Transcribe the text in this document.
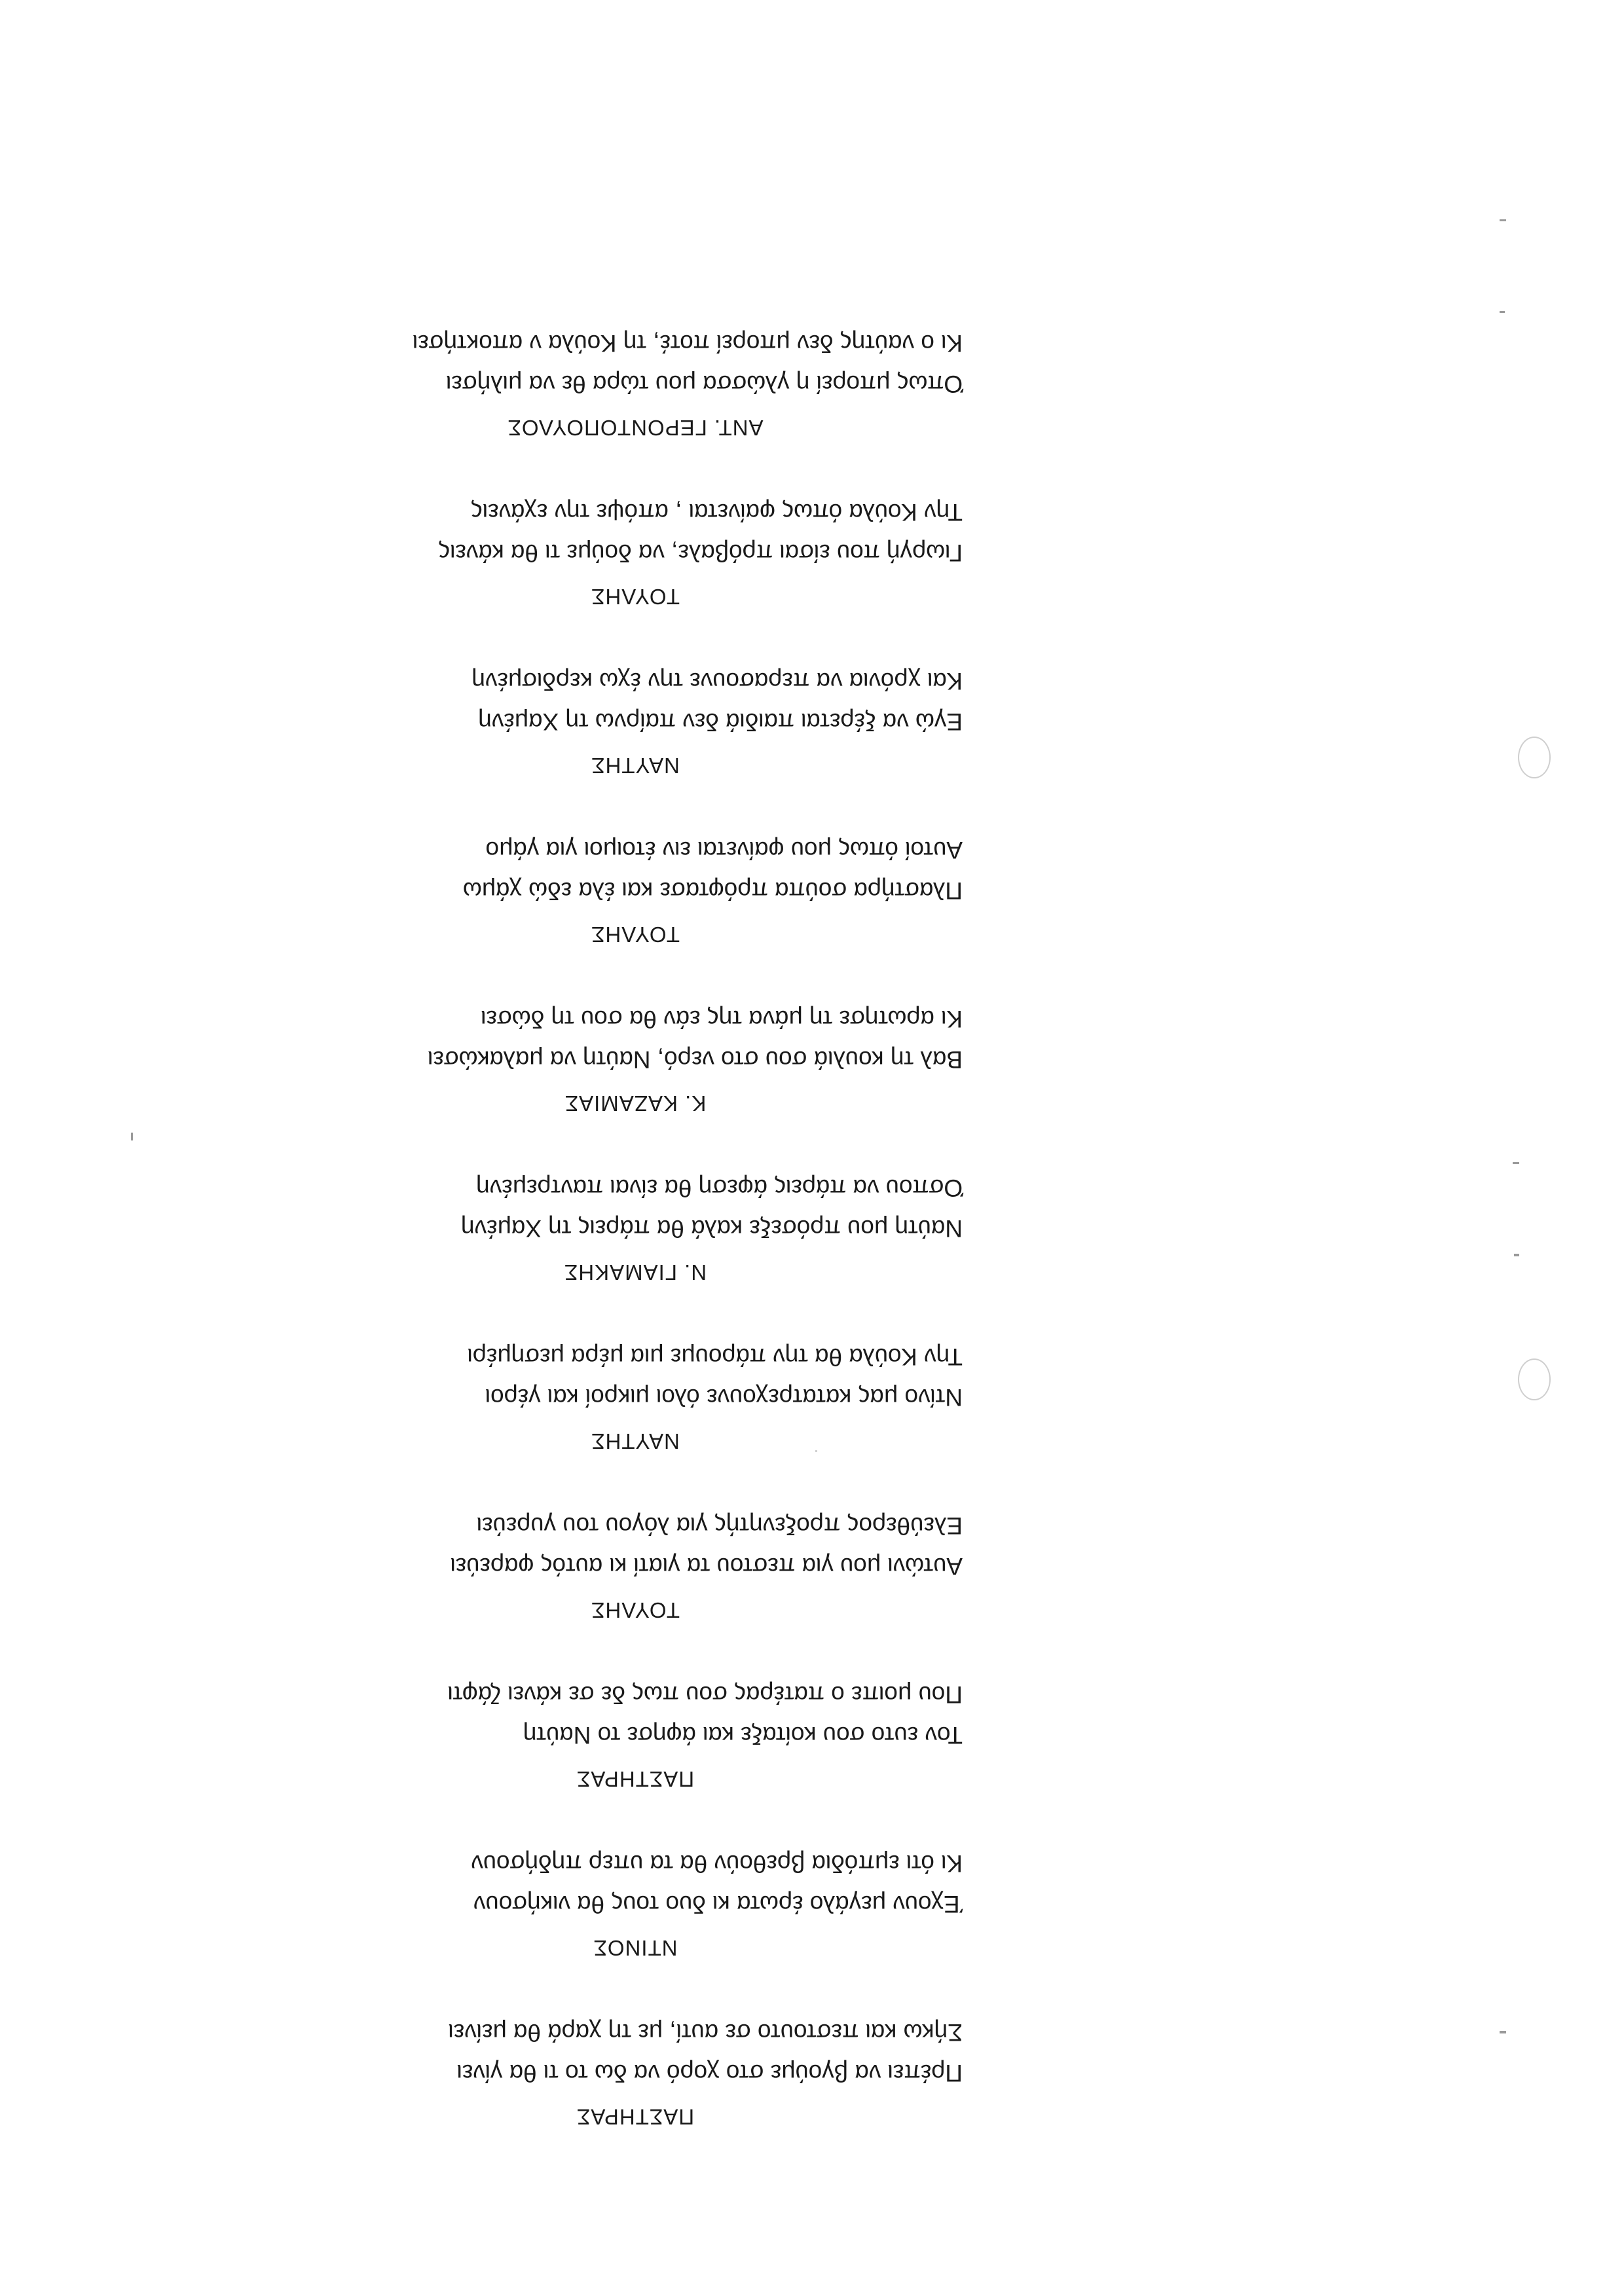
ΠΑΣΤΗΡΑΣ
Πρέπει να βγούμε στο χορό να δω το τι θα γίνει
Σήκω και πεστουτο σε αυτί, με τη χαρά θα μείνει
ΝΤΙΝΟΣ
Έχουν μεγάλο έρωτα κι δυο τους θα νικήσουν
Κι ότι εμπόδια βρεθούν θα τα υπερ πηδήσουν
ΠΑΣΤΗΡΑΣ
Τον ευτο σου κοίταξε και άφησε το Ναύτη
Που μοιπε ο πατέρας σου πως δε σε κάνει ζάφτι
ΤΟΥΛΗΣ
Αυτώνι μου για πεστου τα γιατί κι αυτός φαρεύει
Ελεύθερος προξενητής για λόγου του γυρεύει
ΝΑΥΤΗΣ
Ντίνο μας κατατρεχουνε όλοι μικροί και γέροι
Την Κούλα θα την πάρουμε μια μέρα μεσημέρι
Ν. ΓΙΑΜΑΚΗΣ
Ναύτη μου πρόσεξε καλά θα πάρεις τη Χαμένη
Όσπου να πάρεις άφεση θα είναι παντρεμένη
Κ. ΚΑΖΑΜΙΑΣ
Βαλ τη κουλιά σου στο νερό, Ναύτη να μαλακώσει
Κι αρωτησε τη μάνα της εάν θα σου τη δώσει
ΤΟΥΛΗΣ
Πλαστήρα σούπα πρόφτασε και έλα εδώ χάμω
Αυτοί όπως μου φαίνεται ειν έτοιμοι για γάμο
ΝΑΥΤΗΣ
Εγώ να ξέρεται παιδιά δεν παίρνω τη Χαμένη
Και χρόνια να περασουνε την έχω κερδισμένη
ΤΟΥΛΗΣ
Γιωργή που είσαι πρόβαλε, να δούμε τι θα κάνεις
Την Κούλα όπως φαίνεται , απόψε την εχάνεις
ΑΝΤ. ΓΕΡΟΝΤΟΠΟΥΛΟΣ
Όπως μπορεί η γλώσσα μου τώρα θε να μιλήσει
Κι ο ναύτης δεν μπορεί ποτέ, τη Κούλα ν αποκτήσει
